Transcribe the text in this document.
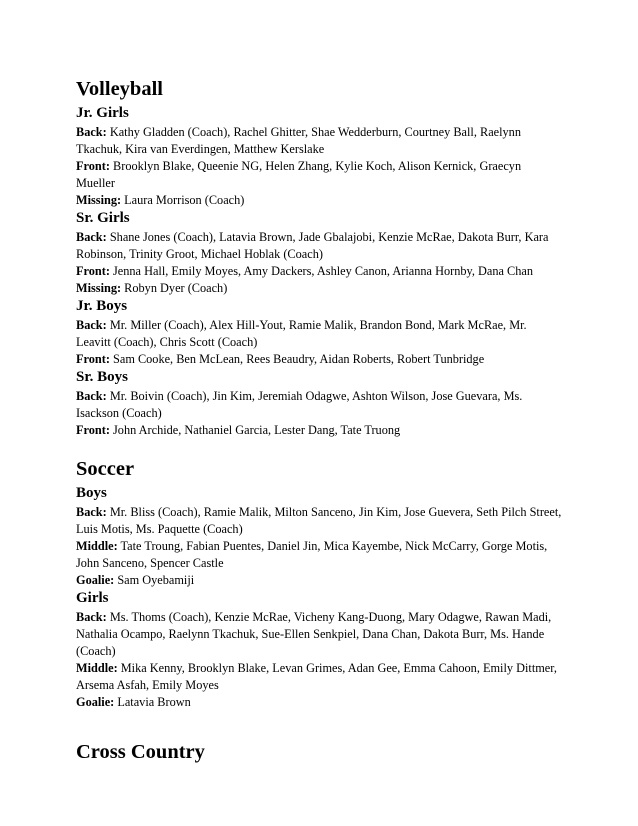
Volleyball
Jr. Girls

Back: Kathy Gladden (Coach), Rachel Ghitter, Shae Wedderburn, Courtney Ball, Raelynn Tkachuk, Kira van Everdingen, Matthew Kerslake

Front: Brooklyn Blake, Queenie NG, Helen Zhang, Kylie Koch, Alison Kernick, Graecyn Mueller

Missing: Laura Morrison (Coach)

Sr. Girls

Back: Shane Jones (Coach), Latavia Brown, Jade Gbalajobi, Kenzie McRae, Dakota Burr, Kara Robinson, Trinity Groot, Michael Hoblak (Coach)

Front: Jenna Hall, Emily Moyes, Amy Dackers, Ashley Canon, Arianna Hornby, Dana Chan

Missing: Robyn Dyer (Coach)

Jr. Boys

Back: Mr. Miller (Coach), Alex Hill-Yout, Ramie Malik, Brandon Bond, Mark McRae, Mr. Leavitt (Coach), Chris Scott (Coach)

Front: Sam Cooke, Ben McLean, Rees Beaudry, Aidan Roberts, Robert Tunbridge

Sr. Boys

Back: Mr. Boivin (Coach), Jin Kim, Jeremiah Odagwe, Ashton Wilson, Jose Guevara, Ms. Isackson (Coach)

Front: John Archide, Nathaniel Garcia, Lester Dang, Tate Truong

Soccer
Boys

Back: Mr. Bliss (Coach), Ramie Malik, Milton Sanceno, Jin Kim, Jose Guevera, Seth Pilch Street, Luis Motis, Ms. Paquette (Coach)

Middle: Tate Troung, Fabian Puentes, Daniel Jin, Mica Kayembe, Nick McCarry, Gorge Motis, John Sanceno, Spencer Castle

Goalie: Sam Oyebamiji

Girls

Back: Ms. Thoms (Coach), Kenzie McRae, Vicheny Kang-Duong, Mary Odagwe, Rawan Madi, Nathalia Ocampo, Raelynn Tkachuk, Sue-Ellen Senkpiel, Dana Chan, Dakota Burr, Ms. Hande (Coach)

Middle: Mika Kenny, Brooklyn Blake, Levan Grimes, Adan Gee, Emma Cahoon, Emily Dittmer, Arsema Asfah, Emily Moyes

Goalie: Latavia Brown

Cross Country
